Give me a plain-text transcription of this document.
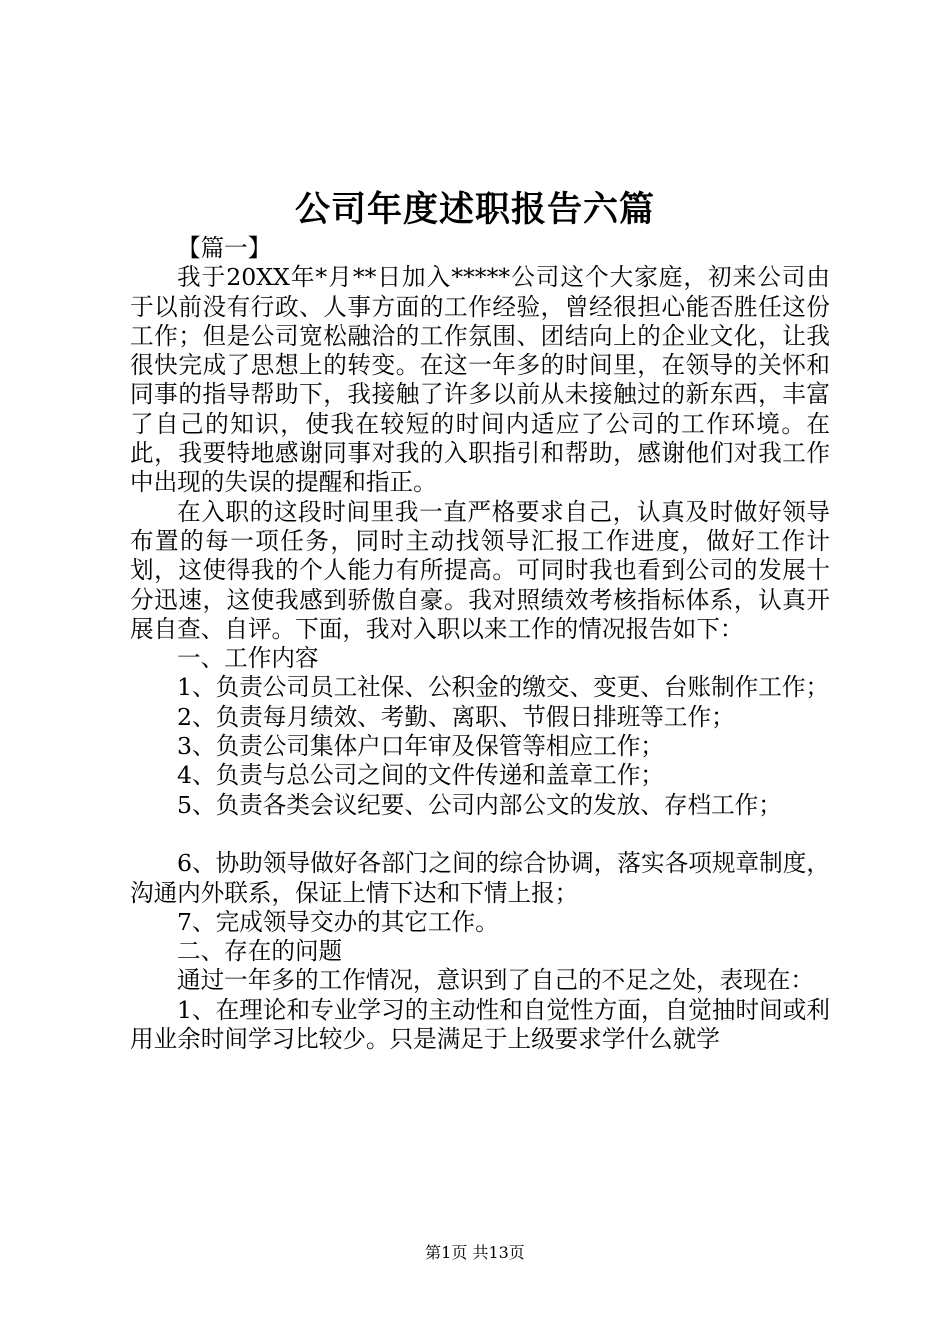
公司年度述职报告六篇

【篇一】

我于20XX年*月**日加入*****公司这个大家庭，初来公司由于以前没有行政、人事方面的工作经验，曾经很担心能否胜任这份工作；但是公司宽松融洽的工作氛围、团结向上的企业文化，让我很快完成了思想上的转变。在这一年多的时间里，在领导的关怀和同事的指导帮助下，我接触了许多以前从未接触过的新东西，丰富了自己的知识，使我在较短的时间内适应了公司的工作环境。在此，我要特地感谢同事对我的入职指引和帮助，感谢他们对我工作中出现的失误的提醒和指正。

在入职的这段时间里我一直严格要求自己，认真及时做好领导布置的每一项任务，同时主动找领导汇报工作进度，做好工作计划，这使得我的个人能力有所提高。可同时我也看到公司的发展十分迅速，这使我感到骄傲自豪。我对照绩效考核指标体系，认真开展自查、自评。下面，我对入职以来工作的情况报告如下：

一、工作内容

1、负责公司员工社保、公积金的缴交、变更、台账制作工作；

2、负责每月绩效、考勤、离职、节假日排班等工作；

3、负责公司集体户口年审及保管等相应工作；

4、负责与总公司之间的文件传递和盖章工作；

5、负责各类会议纪要、公司内部公文的发放、存档工作；

6、协助领导做好各部门之间的综合协调，落实各项规章制度，沟通内外联系，保证上情下达和下情上报；

7、完成领导交办的其它工作。

二、存在的问题

通过一年多的工作情况，意识到了自己的不足之处，表现在：

1、在理论和专业学习的主动性和自觉性方面，自觉抽时间或利用业余时间学习比较少。只是满足于上级要求学什么就学

第1页 共13页
